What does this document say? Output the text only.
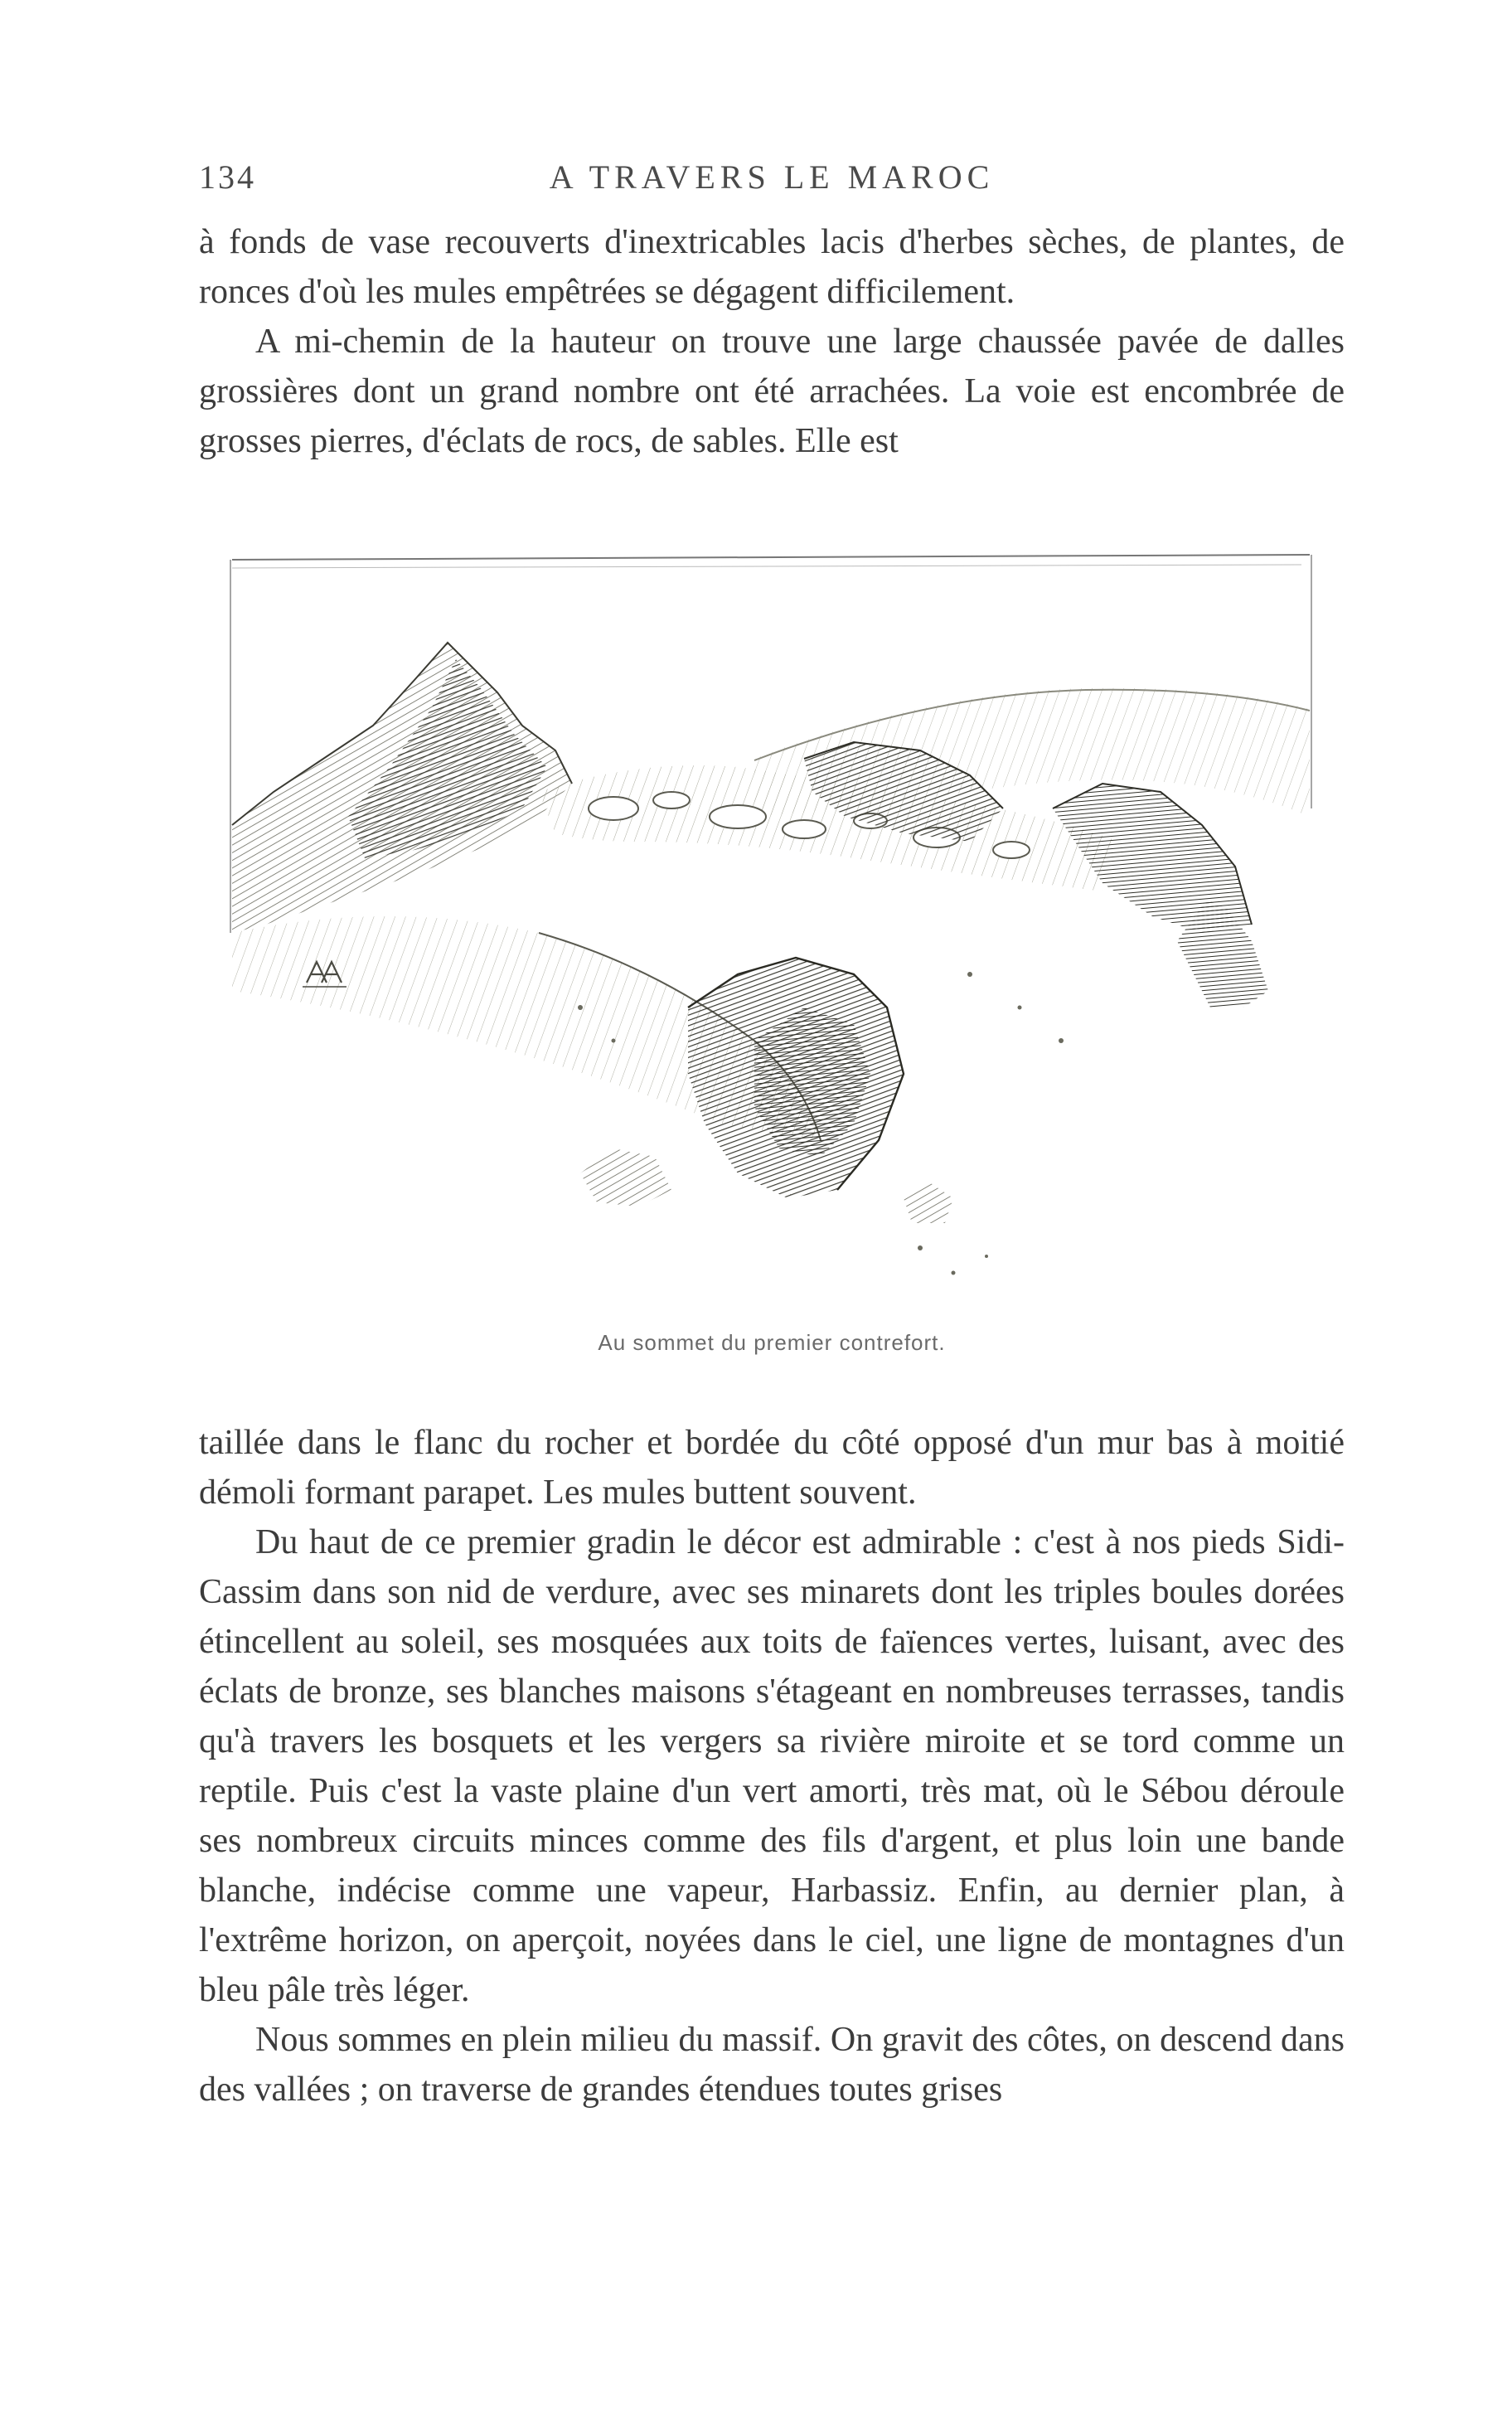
134	A TRAVERS LE MAROC

à fonds de vase recouverts d'inextricables lacis d'herbes sèches, de plantes, de ronces d'où les mules empêtrées se dégagent difficilement.

A mi-chemin de la hauteur on trouve une large chaussée pavée de dalles grossières dont un grand nombre ont été arrachées. La voie est encombrée de grosses pierres, d'éclats de rocs, de sables. Elle est

Au sommet du premier contrefort.

taillée dans le flanc du rocher et bordée du côté opposé d'un mur bas à moitié démoli formant parapet. Les mules buttent souvent.

Du haut de ce premier gradin le décor est admirable : c'est à nos pieds Sidi-Cassim dans son nid de verdure, avec ses minarets dont les triples boules dorées étincellent au soleil, ses mosquées aux toits de faïences vertes, luisant, avec des éclats de bronze, ses blanches maisons s'étageant en nombreuses terrasses, tandis qu'à travers les bosquets et les vergers sa rivière miroite et se tord comme un reptile. Puis c'est la vaste plaine d'un vert amorti, très mat, où le Sébou déroule ses nombreux circuits minces comme des fils d'argent, et plus loin une bande blanche, indécise comme une vapeur, Harbassiz. Enfin, au dernier plan, à l'extrême horizon, on aperçoit, noyées dans le ciel, une ligne de montagnes d'un bleu pâle très léger.

Nous sommes en plein milieu du massif. On gravit des côtes, on descend dans des vallées ; on traverse de grandes étendues toutes grises
